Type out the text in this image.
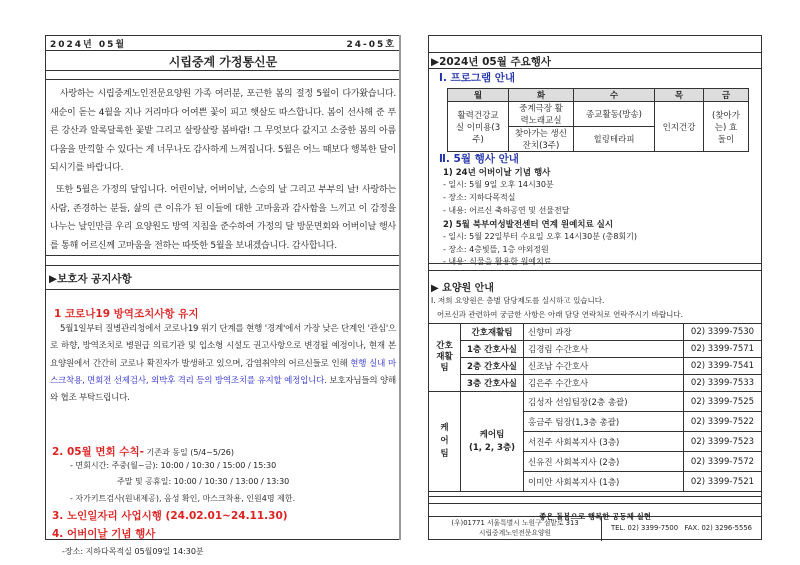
2024년 05월	24-05호
시립중계 가정통신문

사랑하는 시립중계노인전문요양원 가족 여러분, 포근한 봄의 절정 5월이 다가왔습니다. 새순이 돋는 4월을 지나 거리마다 어여쁜 꽃이 피고 햇살도 따스합니다. 봄이 선사해 준 푸른 강산과 알록달록한 꽃밭 그리고 살랑살랑 봄바람! 그 무엇보다 값지고 소중한 봄의 아름다움을 만끽할 수 있다는 게 너무나도 감사하게 느껴집니다. 5월은 어느 때보다 행복한 달이 되시기를 바랍니다.

또한 5월은 가정의 달입니다. 어린이날, 어버이날, 스승의 날 그리고 부부의 날! 사랑하는 사람, 존경하는 분들, 삶의 큰 이유가 된 이들에 대한 고마움과 감사함을 느끼고 이 감정을 나누는 날인만큼 우리 요양원도 방역 지침을 준수하여 가정의 달 방문면회와 어버이날 행사를 통해 어르신께 고마움을 전하는 따뜻한 5월을 보내겠습니다. 감사합니다.

▶보호자 공지사항
1 코로나19 방역조치사항 유지

5월1일부터 질병관리청에서 코로나19 위기 단계를 현행 '경계'에서 가장 낮은 단계인 '관심'으로 하향, 방역조치로 병원급 의료기관 및 입소형 시설도 권고사항으로 변경될 예정이나, 현재 본 요양원에서 간간히 코로나 확진자가 발생하고 있으며, 감염취약의 어르신들로 인해 현행 실내 마스크착용, 면회전 선제검사, 외박후 격리 등의 방역조치를 유지할 예정입니다. 보호자님들의 양해와 협조 부탁드립니다.

2. 05월 면회 수칙- 기존과 동일 (5/4~5/26)
- 면회시간: 주중(월~금): 10:00 / 10:30 / 15:00 / 15:30
주말 및 공휴일: 10:00 / 10:30 / 13:00 / 13:30
- 자가키트검사(원내제공), 음성 확인, 마스크착용, 인원4명 제한.
3. 노인일자리 사업시행 (24.02.01~24.11.30)
4. 어버이날 기념 행사
-장소: 지하다목적실 05월09일 14:30분
▶2024년 05월 주요행사
Ⅰ. 프로그램 안내
월	화	수	목	금
활력건강교실 이미용(3주)	중계극장 활력노래교실	종교활동(방송)	인지건강	(찾아가는) 효돌이
	찾아가는 생신잔치(3주)	힐링테라피		
Ⅱ. 5월 행사 안내
1) 24년 어버이날 기념 행사
- 일시: 5월 9일 오후 14시30분
- 장소: 지하다목적실
- 내용: 어르신 축하공연 및 선물전달
2) 5월 북부여성발전센터 연계 원예치료 실시
- 일시: 5월 22일부터 수요일 오후 14시30분 (총8회기)
- 장소: 4층빛뜰, 1층 야외정원
- 내용: 식물을 활용한 원예치료
▶ 요양원 안내
Ⅰ. 저희 요양원은 층별 담당제도를 실시하고 있습니다.
어르신과 관련하여 궁금한 사항은 아래 담당 연락처로 연락주시기 바랍니다.
간호재활팀	간호재활팀	신향미 과장	02) 3399-7530
	1층 간호사실	김경림 수간호사	02) 3399-7571
	2층 간호사실	신조남 수간호사	02) 3399-7541
	3층 간호사실	김은주 수간호사	02) 3399-7533
케어팀	케어팀
(1, 2, 3층)	김성자 선임팀장(2층 총괄)	02) 3399-7525
		홍금주 팀장(1,3층 총괄)	02) 3399-7522
		서진주 사회복지사 (3층)	02) 3399-7523
		신유진 사회복지사 (2층)	02) 3399-7572
		이미안 사회복지사 (1층)	02) 3399-7521
좋은 돌봄으로 행복한 공동체 실현
(우)01771 서울특별시 노원구 섬밭로 313
시립중계노인전문요양원
TEL. 02) 3399-7500   FAX. 02) 3296-5556
